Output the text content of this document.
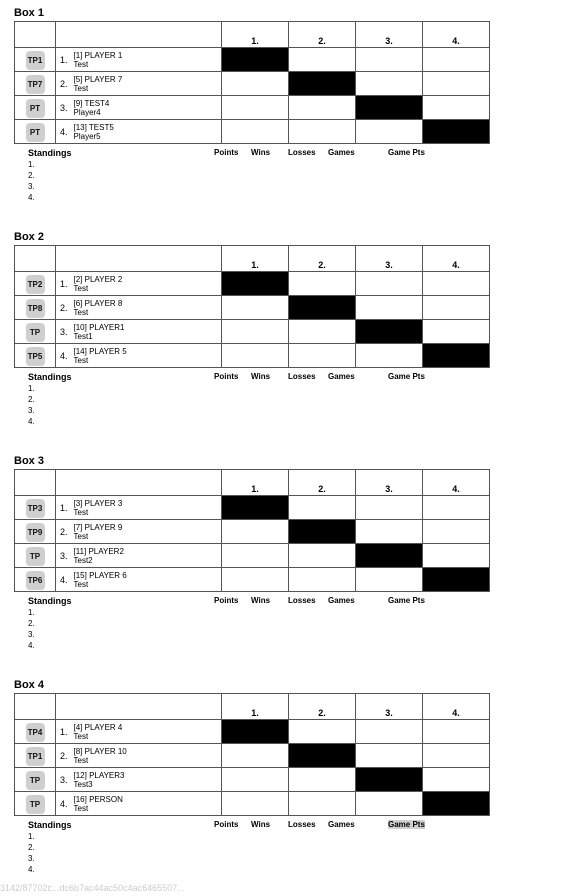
Box 1
			1.	2.	3.	4.
TP1	1.	[1] PLAYER 1
Test				

TP7	2.	[5] PLAYER 7
Test				

PT	3.	[9] TEST4
Player4				

PT	4.	[13] TEST5
Player5				

Standings
1.
2.
3.
4.
Points Wins Losses Games	Game Pts
Box 2
			1.	2.	3.	4.
TP2	1.	[2] PLAYER 2
Test				

TP8	2.	[6] PLAYER 8
Test				

TP	3.	[10] PLAYER1
Test1				

TP5	4.	[14] PLAYER 5
Test				

Standings
1.
2.
3.
4.
Points Wins Losses Games	Game Pts
Box 3
			1.	2.	3.	4.
TP3	1.	[3] PLAYER 3
Test				

TP9	2.	[7] PLAYER 9
Test				

TP	3.	[11] PLAYER2
Test2				

TP6	4.	[15] PLAYER 6
Test				

Standings
1.
2.
3.
4.
Points Wins Losses Games	Game Pts
Box 4
			1.	2.	3.	4.
TP4	1.	[4] PLAYER 4
Test				

TP1	2.	[8] PLAYER 10
Test				

TP	3.	[12] PLAYER3
Test3				

TP	4.	[16] PERSON
Test				

Standings
1.
2.
3.
4.
Points Wins Losses Games	Game Pts
3142/87702c...dc6b7ac44ac50c4ac6465507...
